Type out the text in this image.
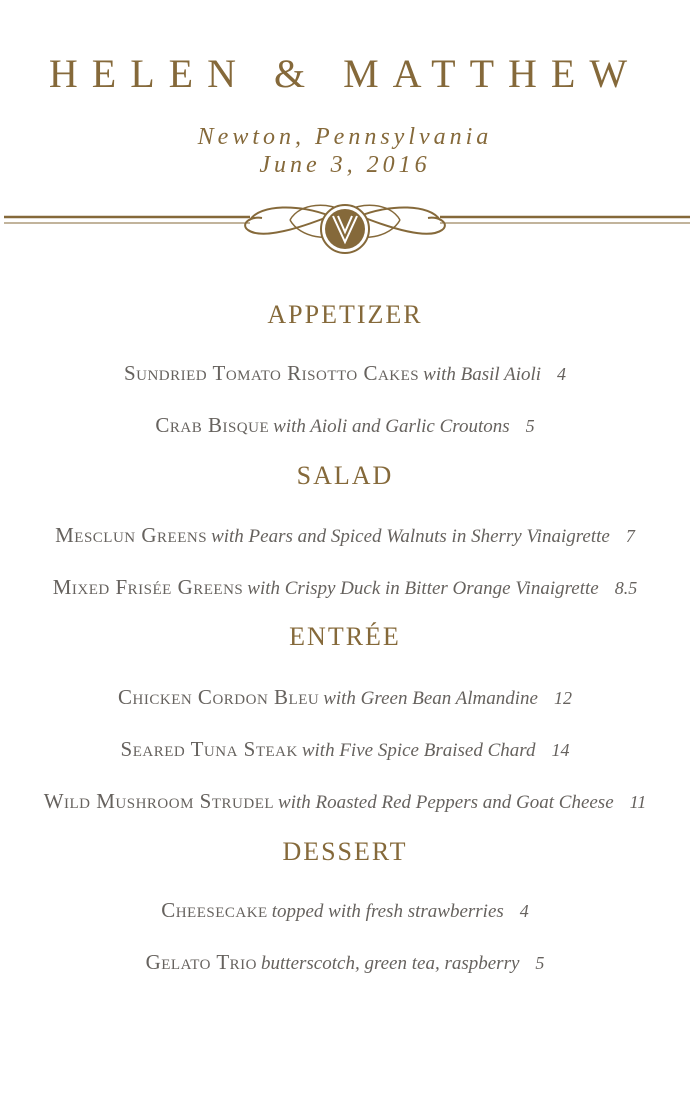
HELEN & MATTHEW
Newton, Pennsylvania
June 3, 2016
APPETIZER
Sundried Tomato Risotto Cakes with Basil Aioli 4
Crab Bisque with Aioli and Garlic Croutons 5
SALAD
Mesclun Greens with Pears and Spiced Walnuts in Sherry Vinaigrette 7
Mixed Frisée Greens with Crispy Duck in Bitter Orange Vinaigrette 8.5
ENTRÉE
Chicken Cordon Bleu with Green Bean Almandine 12
Seared Tuna Steak with Five Spice Braised Chard 14
Wild Mushroom Strudel with Roasted Red Peppers and Goat Cheese 11
DESSERT
Cheesecake topped with fresh strawberries 4
Gelato Trio butterscotch, green tea, raspberry 5
